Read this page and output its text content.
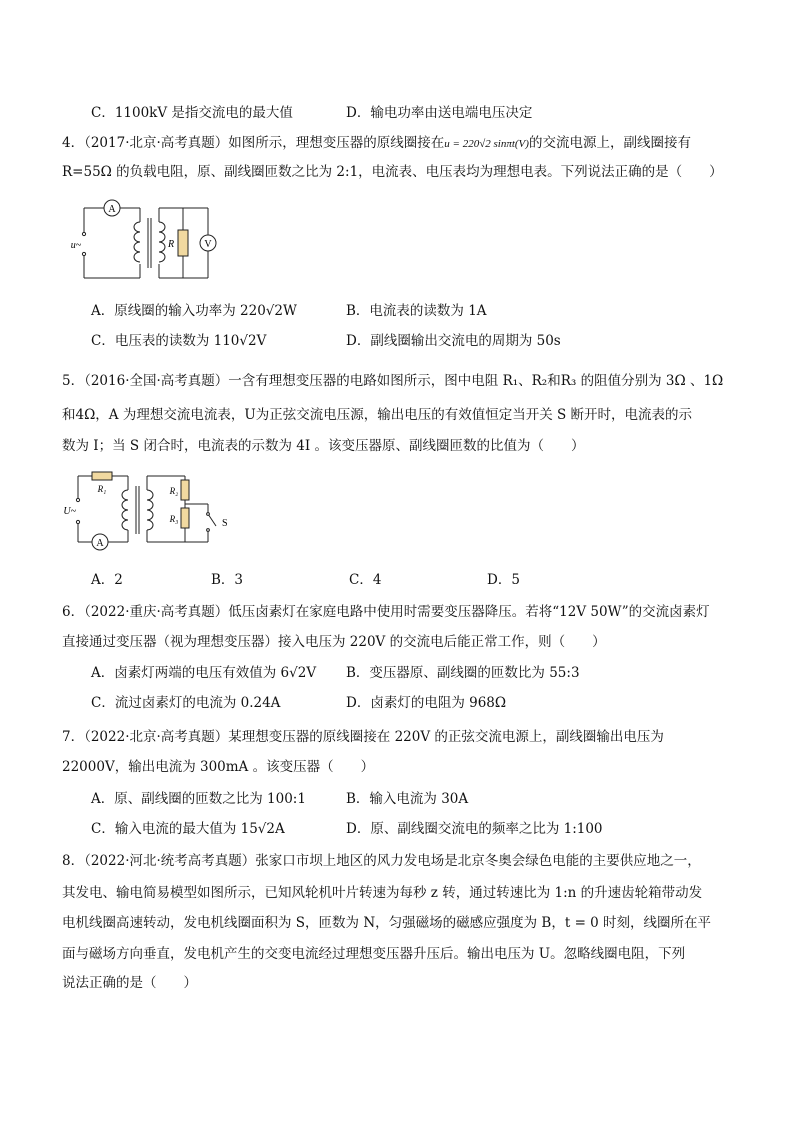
C．1100kV 是指交流电的最大值	D．输电功率由送电端电压决定
4．（2017·北京·高考真题）如图所示，理想变压器的原线圈接在u = 220√2 sinπt(V)的交流电源上，副线圈接有
R=55Ω 的负载电阻，原、副线圈匝数之比为 2:1，电流表、电压表均为理想电表。下列说法正确的是（　　）
A
R	V
u~
A．原线圈的输入功率为 220√2W	B．电流表的读数为 1A
C．电压表的读数为 110√2V	D．副线圈输出交流电的周期为 50s
5．（2016·全国·高考真题）一含有理想变压器的电路如图所示，图中电阻 R₁、R₂和R₃ 的阻值分别为 3Ω 、1Ω
和4Ω，A 为理想交流电流表，U为正弦交流电压源，输出电压的有效值恒定当开关 S 断开时，电流表的示
数为 I；当 S 闭合时，电流表的示数为 4I 。该变压器原、副线圈匝数的比值为（　　）
R₁	R₂
R₃
A
U~
S
A．2	B．3	C．4	D．5
6．（2022·重庆·高考真题）低压卤素灯在家庭电路中使用时需要变压器降压。若将“12V 50W”的交流卤素灯
直接通过变压器（视为理想变压器）接入电压为 220V 的交流电后能正常工作，则（　　）
A．卤素灯两端的电压有效值为 6√2V B．变压器原、副线圈的匝数比为 55:3
C．流过卤素灯的电流为 0.24A	D．卤素灯的电阻为 968Ω
7．（2022·北京·高考真题）某理想变压器的原线圈接在 220V 的正弦交流电源上，副线圈输出电压为
22000V，输出电流为 300mA 。该变压器（　　）
A．原、副线圈的匝数之比为 100:1	B．输入电流为 30A
C．输入电流的最大值为 15√2A	D．原、副线圈交流电的频率之比为 1:100
8．（2022·河北·统考高考真题）张家口市坝上地区的风力发电场是北京冬奥会绿色电能的主要供应地之一，
其发电、输电简易模型如图所示，已知风轮机叶片转速为每秒 z 转，通过转速比为 1:n 的升速齿轮箱带动发
电机线圈高速转动，发电机线圈面积为 S，匝数为 N，匀强磁场的磁感应强度为 B，t = 0 时刻，线圈所在平
面与磁场方向垂直，发电机产生的交变电流经过理想变压器升压后。输出电压为 U。忽略线圈电阻，下列
说法正确的是（　　）
